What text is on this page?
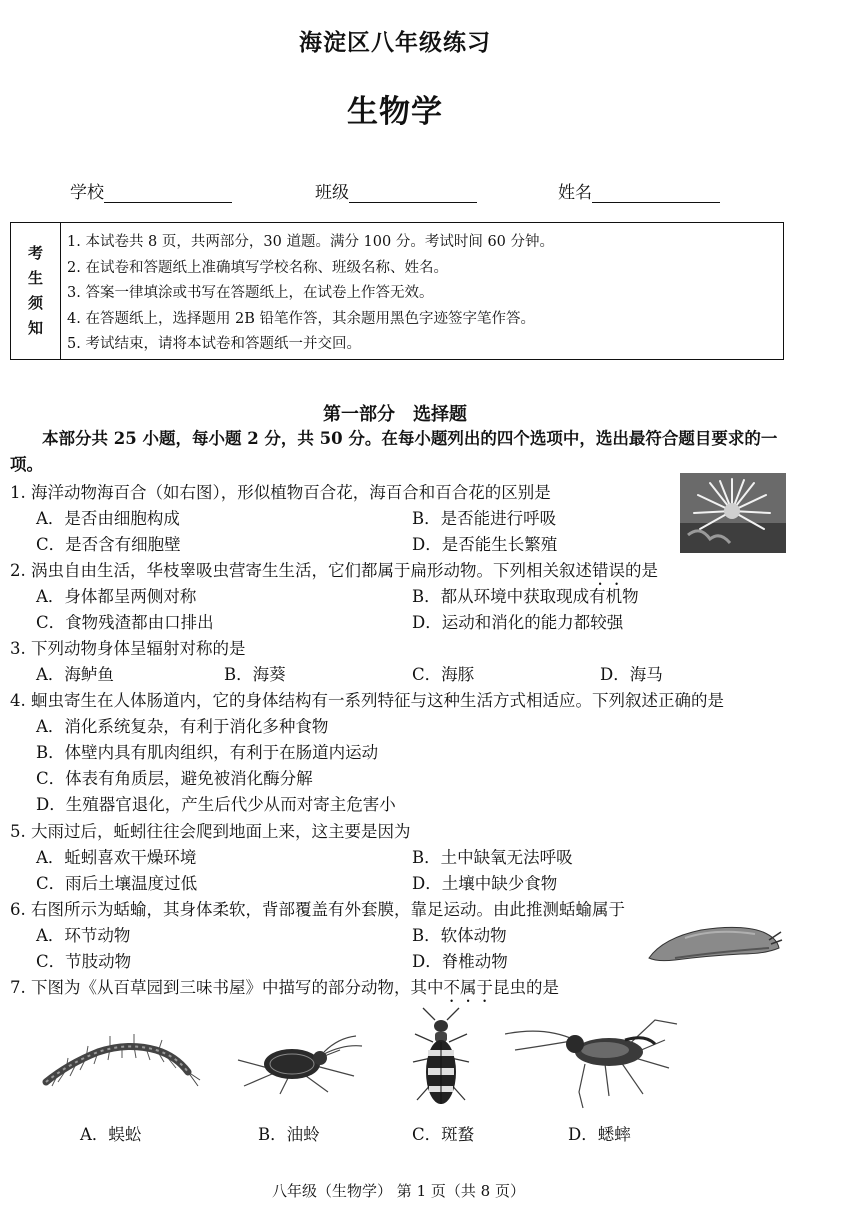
海淀区八年级练习
生物学
学校	班级	姓名
考
生
须
知
1. 本试卷共 8 页，共两部分，30 道题。满分 100 分。考试时间 60 分钟。
2. 在试卷和答题纸上准确填写学校名称、班级名称、姓名。
3. 答案一律填涂或书写在答题纸上，在试卷上作答无效。
4. 在答题纸上，选择题用 2B 铅笔作答，其余题用黑色字迹签字笔作答。
5. 考试结束，请将本试卷和答题纸一并交回。
第一部分　选择题
本部分共 25 小题，每小题 2 分，共 50 分。在每小题列出的四个选项中，选出最符合题目要求的一项。
1. 海洋动物海百合（如右图），形似植物百合花，海百合和百合花的区别是
A．是否由细胞构成	B．是否能进行呼吸
C．是否含有细胞壁	D．是否能生长繁殖
2. 涡虫自由生活，华枝睾吸虫营寄生生活，它们都属于扁形动物。下列相关叙述错误的是
A．身体都呈两侧对称	B．都从环境中获取现成有机物
C．食物残渣都由口排出	D．运动和消化的能力都较强
3. 下列动物身体呈辐射对称的是
A．海鲈鱼	B．海葵	C．海豚	D．海马
4. 蛔虫寄生在人体肠道内，它的身体结构有一系列特征与这种生活方式相适应。下列叙述正确的是
A．消化系统复杂，有利于消化多种食物
B．体壁内具有肌肉组织，有利于在肠道内运动
C．体表有角质层，避免被消化酶分解
D．生殖器官退化，产生后代少从而对寄主危害小
5. 大雨过后，蚯蚓往往会爬到地面上来，这主要是因为
A．蚯蚓喜欢干燥环境	B．土中缺氧无法呼吸
C．雨后土壤温度过低	D．土壤中缺少食物
6. 右图所示为蛞蝓，其身体柔软，背部覆盖有外套膜，靠足运动。由此推测蛞蝓属于
A．环节动物	B．软体动物
C．节肢动物	D．脊椎动物
7. 下图为《从百草园到三味书屋》中描写的部分动物，其中不属于昆虫的是
A．蜈蚣	B．油蛉	C．斑蝥	D．蟋蟀
八年级（生物学） 第 1 页（共 8 页）
